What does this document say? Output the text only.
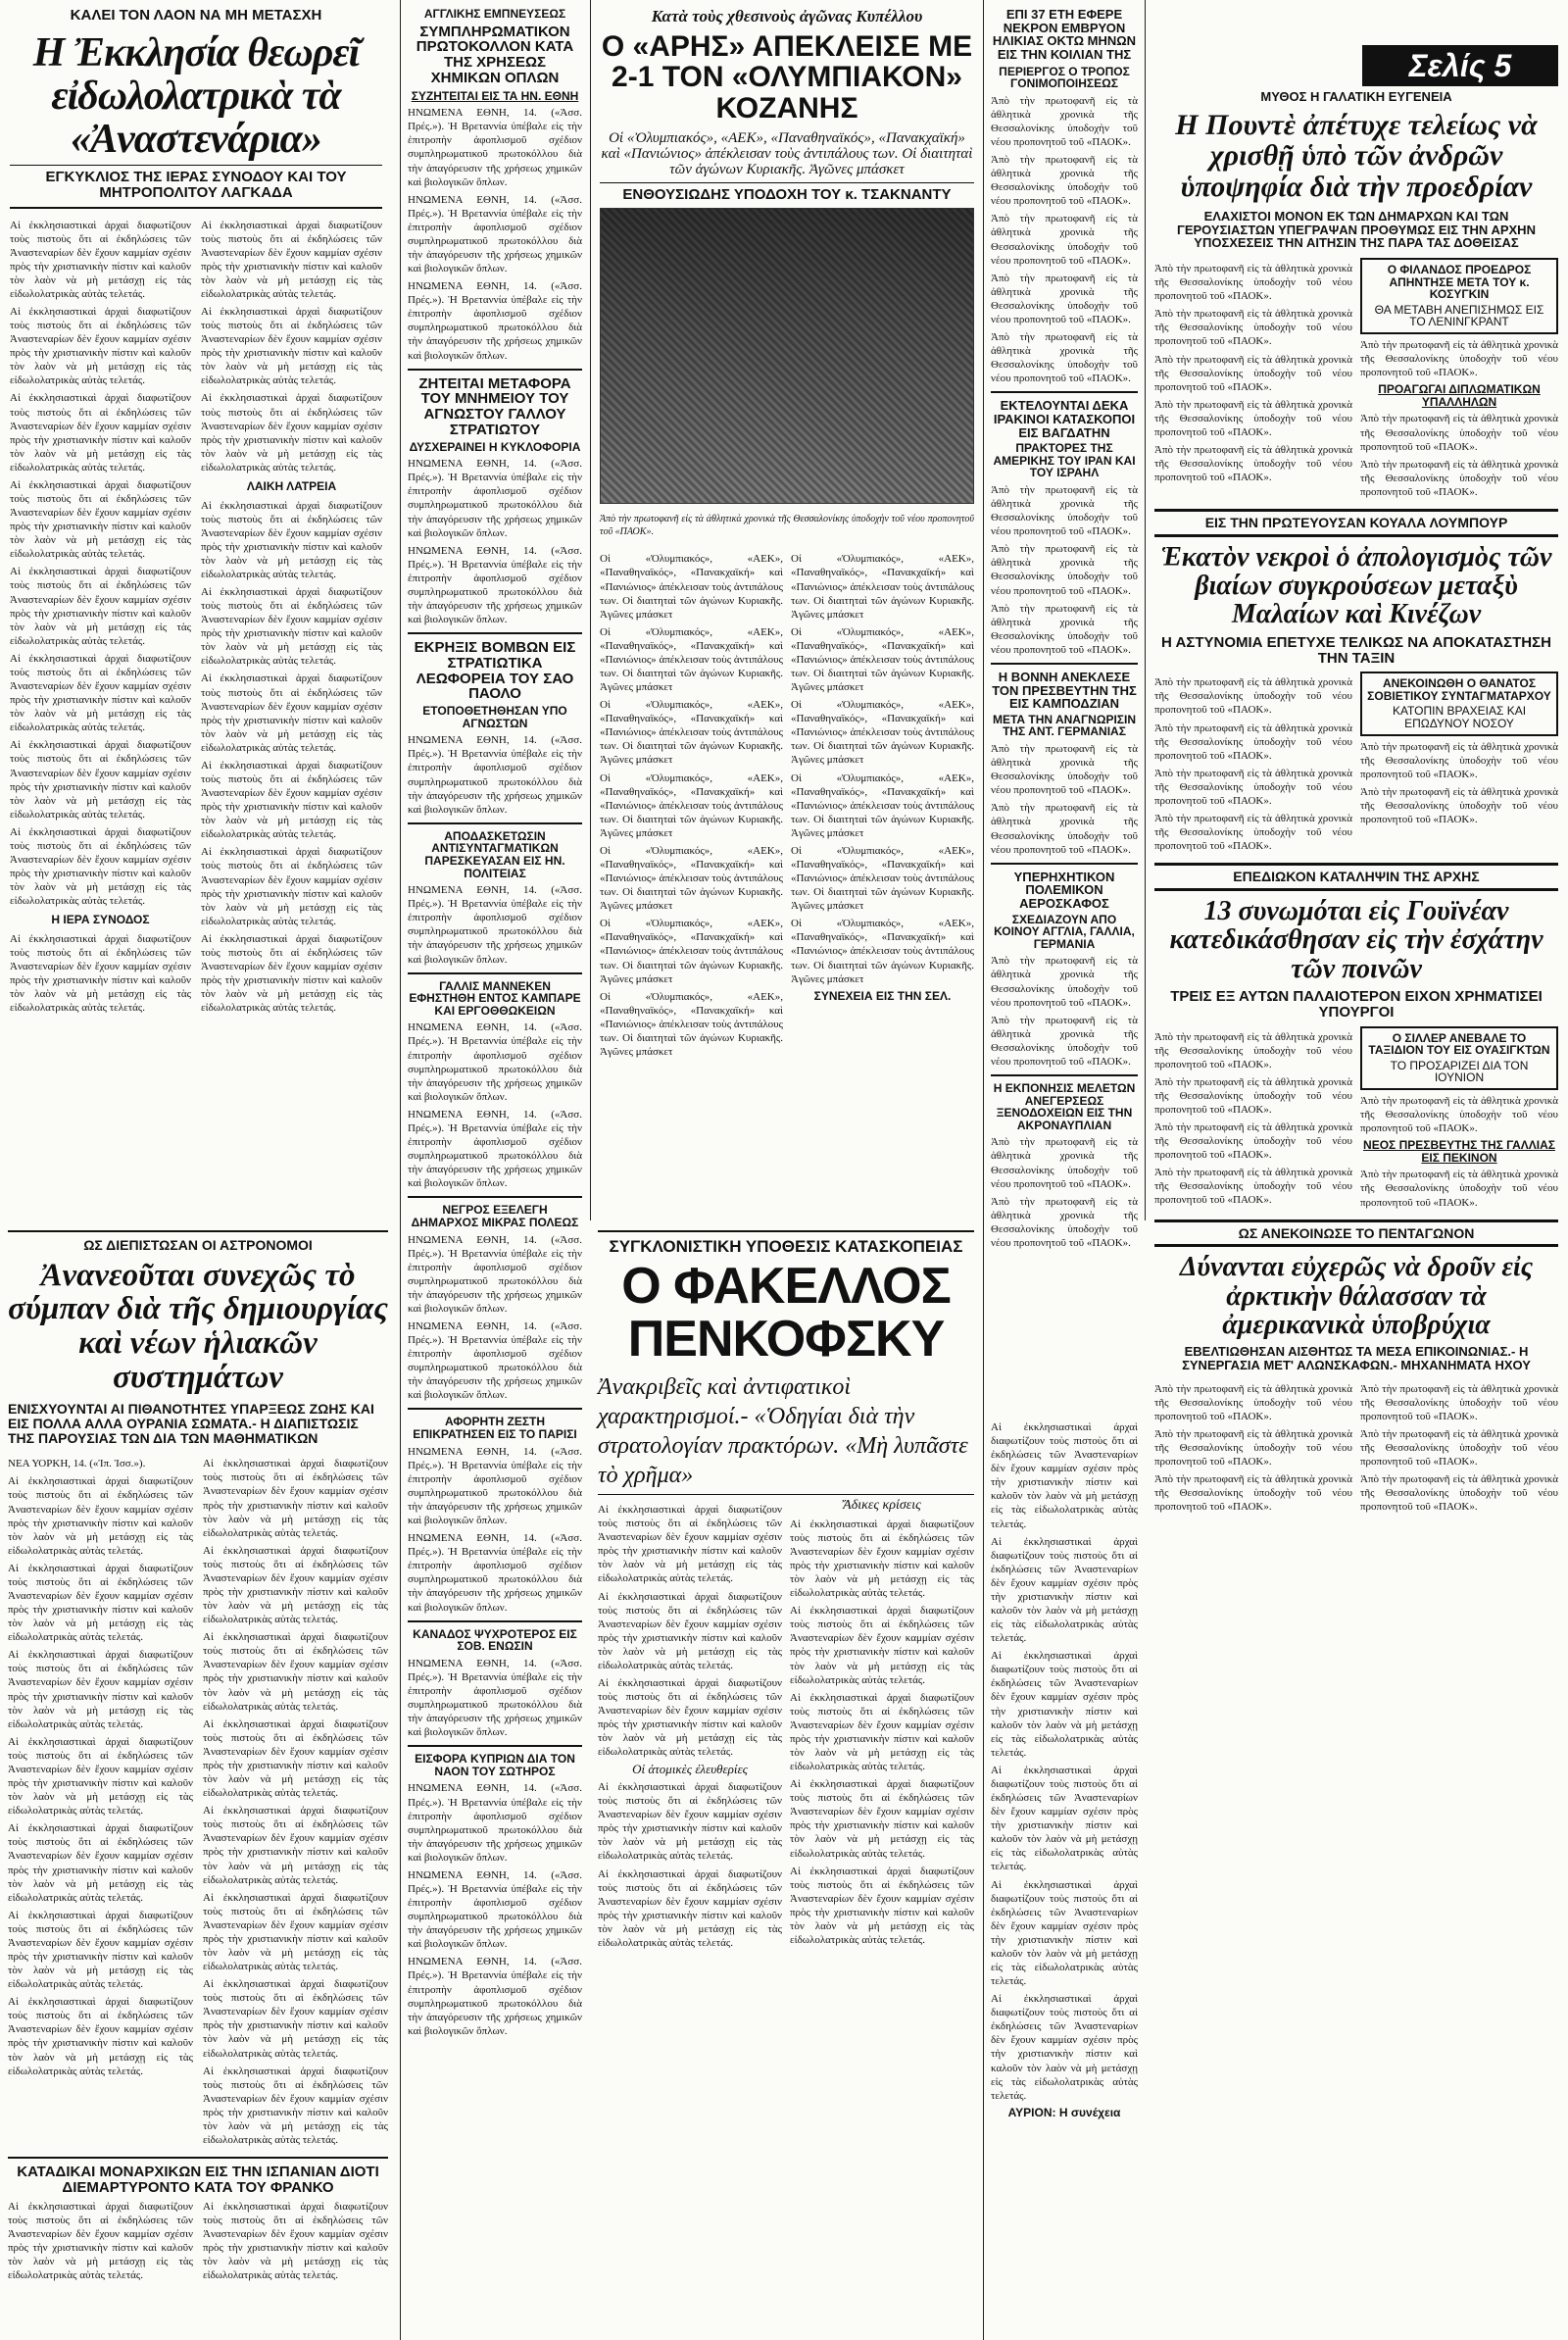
Σελίς 5
ΚΑΛΕΙ ΤΟΝ ΛΑΟΝ ΝΑ ΜΗ ΜΕΤΑΣΧΗ
Η Ἐκκλησία θεωρεῖ εἰδωλολατρικὰ τὰ «Ἀναστενάρια»
ΕΓΚΥΚΛΙΟΣ ΤΗΣ ΙΕΡΑΣ ΣΥΝΟΔΟΥ ΚΑΙ ΤΟΥ ΜΗΤΡΟΠΟΛΙΤΟΥ ΛΑΓΚΑΔΑ

Αἱ ἐκκλησιαστικαὶ ἀρχαὶ διαφωτίζουν τοὺς πιστοὺς ὅτι αἱ ἐκδηλώσεις τῶν Ἀναστεναρίων δὲν ἔχουν καμμίαν σχέσιν πρὸς τὴν χριστιανικὴν πίστιν καὶ καλοῦν τὸν λαὸν νὰ μὴ μετάσχῃ εἰς τὰς εἰδωλολατρικὰς αὐτὰς τελετάς.

Αἱ ἐκκλησιαστικαὶ ἀρχαὶ διαφωτίζουν τοὺς πιστοὺς ὅτι αἱ ἐκδηλώσεις τῶν Ἀναστεναρίων δὲν ἔχουν καμμίαν σχέσιν πρὸς τὴν χριστιανικὴν πίστιν καὶ καλοῦν τὸν λαὸν νὰ μὴ μετάσχῃ εἰς τὰς εἰδωλολατρικὰς αὐτὰς τελετάς.

Αἱ ἐκκλησιαστικαὶ ἀρχαὶ διαφωτίζουν τοὺς πιστοὺς ὅτι αἱ ἐκδηλώσεις τῶν Ἀναστεναρίων δὲν ἔχουν καμμίαν σχέσιν πρὸς τὴν χριστιανικὴν πίστιν καὶ καλοῦν τὸν λαὸν νὰ μὴ μετάσχῃ εἰς τὰς εἰδωλολατρικὰς αὐτὰς τελετάς.

Αἱ ἐκκλησιαστικαὶ ἀρχαὶ διαφωτίζουν τοὺς πιστοὺς ὅτι αἱ ἐκδηλώσεις τῶν Ἀναστεναρίων δὲν ἔχουν καμμίαν σχέσιν πρὸς τὴν χριστιανικὴν πίστιν καὶ καλοῦν τὸν λαὸν νὰ μὴ μετάσχῃ εἰς τὰς εἰδωλολατρικὰς αὐτὰς τελετάς.

Αἱ ἐκκλησιαστικαὶ ἀρχαὶ διαφωτίζουν τοὺς πιστοὺς ὅτι αἱ ἐκδηλώσεις τῶν Ἀναστεναρίων δὲν ἔχουν καμμίαν σχέσιν πρὸς τὴν χριστιανικὴν πίστιν καὶ καλοῦν τὸν λαὸν νὰ μὴ μετάσχῃ εἰς τὰς εἰδωλολατρικὰς αὐτὰς τελετάς.

Αἱ ἐκκλησιαστικαὶ ἀρχαὶ διαφωτίζουν τοὺς πιστοὺς ὅτι αἱ ἐκδηλώσεις τῶν Ἀναστεναρίων δὲν ἔχουν καμμίαν σχέσιν πρὸς τὴν χριστιανικὴν πίστιν καὶ καλοῦν τὸν λαὸν νὰ μὴ μετάσχῃ εἰς τὰς εἰδωλολατρικὰς αὐτὰς τελετάς.

Αἱ ἐκκλησιαστικαὶ ἀρχαὶ διαφωτίζουν τοὺς πιστοὺς ὅτι αἱ ἐκδηλώσεις τῶν Ἀναστεναρίων δὲν ἔχουν καμμίαν σχέσιν πρὸς τὴν χριστιανικὴν πίστιν καὶ καλοῦν τὸν λαὸν νὰ μὴ μετάσχῃ εἰς τὰς εἰδωλολατρικὰς αὐτὰς τελετάς.

Αἱ ἐκκλησιαστικαὶ ἀρχαὶ διαφωτίζουν τοὺς πιστοὺς ὅτι αἱ ἐκδηλώσεις τῶν Ἀναστεναρίων δὲν ἔχουν καμμίαν σχέσιν πρὸς τὴν χριστιανικὴν πίστιν καὶ καλοῦν τὸν λαὸν νὰ μὴ μετάσχῃ εἰς τὰς εἰδωλολατρικὰς αὐτὰς τελετάς.

Η ΙΕΡΑ ΣΥΝΟΔΟΣ

Αἱ ἐκκλησιαστικαὶ ἀρχαὶ διαφωτίζουν τοὺς πιστοὺς ὅτι αἱ ἐκδηλώσεις τῶν Ἀναστεναρίων δὲν ἔχουν καμμίαν σχέσιν πρὸς τὴν χριστιανικὴν πίστιν καὶ καλοῦν τὸν λαὸν νὰ μὴ μετάσχῃ εἰς τὰς εἰδωλολατρικὰς αὐτὰς τελετάς.

Αἱ ἐκκλησιαστικαὶ ἀρχαὶ διαφωτίζουν τοὺς πιστοὺς ὅτι αἱ ἐκδηλώσεις τῶν Ἀναστεναρίων δὲν ἔχουν καμμίαν σχέσιν πρὸς τὴν χριστιανικὴν πίστιν καὶ καλοῦν τὸν λαὸν νὰ μὴ μετάσχῃ εἰς τὰς εἰδωλολατρικὰς αὐτὰς τελετάς.

Αἱ ἐκκλησιαστικαὶ ἀρχαὶ διαφωτίζουν τοὺς πιστοὺς ὅτι αἱ ἐκδηλώσεις τῶν Ἀναστεναρίων δὲν ἔχουν καμμίαν σχέσιν πρὸς τὴν χριστιανικὴν πίστιν καὶ καλοῦν τὸν λαὸν νὰ μὴ μετάσχῃ εἰς τὰς εἰδωλολατρικὰς αὐτὰς τελετάς.

Αἱ ἐκκλησιαστικαὶ ἀρχαὶ διαφωτίζουν τοὺς πιστοὺς ὅτι αἱ ἐκδηλώσεις τῶν Ἀναστεναρίων δὲν ἔχουν καμμίαν σχέσιν πρὸς τὴν χριστιανικὴν πίστιν καὶ καλοῦν τὸν λαὸν νὰ μὴ μετάσχῃ εἰς τὰς εἰδωλολατρικὰς αὐτὰς τελετάς.

ΛΑΙΚΗ ΛΑΤΡΕΙΑ

Αἱ ἐκκλησιαστικαὶ ἀρχαὶ διαφωτίζουν τοὺς πιστοὺς ὅτι αἱ ἐκδηλώσεις τῶν Ἀναστεναρίων δὲν ἔχουν καμμίαν σχέσιν πρὸς τὴν χριστιανικὴν πίστιν καὶ καλοῦν τὸν λαὸν νὰ μὴ μετάσχῃ εἰς τὰς εἰδωλολατρικὰς αὐτὰς τελετάς.

Αἱ ἐκκλησιαστικαὶ ἀρχαὶ διαφωτίζουν τοὺς πιστοὺς ὅτι αἱ ἐκδηλώσεις τῶν Ἀναστεναρίων δὲν ἔχουν καμμίαν σχέσιν πρὸς τὴν χριστιανικὴν πίστιν καὶ καλοῦν τὸν λαὸν νὰ μὴ μετάσχῃ εἰς τὰς εἰδωλολατρικὰς αὐτὰς τελετάς.

Αἱ ἐκκλησιαστικαὶ ἀρχαὶ διαφωτίζουν τοὺς πιστοὺς ὅτι αἱ ἐκδηλώσεις τῶν Ἀναστεναρίων δὲν ἔχουν καμμίαν σχέσιν πρὸς τὴν χριστιανικὴν πίστιν καὶ καλοῦν τὸν λαὸν νὰ μὴ μετάσχῃ εἰς τὰς εἰδωλολατρικὰς αὐτὰς τελετάς.

Αἱ ἐκκλησιαστικαὶ ἀρχαὶ διαφωτίζουν τοὺς πιστοὺς ὅτι αἱ ἐκδηλώσεις τῶν Ἀναστεναρίων δὲν ἔχουν καμμίαν σχέσιν πρὸς τὴν χριστιανικὴν πίστιν καὶ καλοῦν τὸν λαὸν νὰ μὴ μετάσχῃ εἰς τὰς εἰδωλολατρικὰς αὐτὰς τελετάς.

Αἱ ἐκκλησιαστικαὶ ἀρχαὶ διαφωτίζουν τοὺς πιστοὺς ὅτι αἱ ἐκδηλώσεις τῶν Ἀναστεναρίων δὲν ἔχουν καμμίαν σχέσιν πρὸς τὴν χριστιανικὴν πίστιν καὶ καλοῦν τὸν λαὸν νὰ μὴ μετάσχῃ εἰς τὰς εἰδωλολατρικὰς αὐτὰς τελετάς.

Αἱ ἐκκλησιαστικαὶ ἀρχαὶ διαφωτίζουν τοὺς πιστοὺς ὅτι αἱ ἐκδηλώσεις τῶν Ἀναστεναρίων δὲν ἔχουν καμμίαν σχέσιν πρὸς τὴν χριστιανικὴν πίστιν καὶ καλοῦν τὸν λαὸν νὰ μὴ μετάσχῃ εἰς τὰς εἰδωλολατρικὰς αὐτὰς τελετάς.

ΑΓΓΛΙΚΗΣ ΕΜΠΝΕΥΣΕΩΣ
ΣΥΜΠΛΗΡΩΜΑΤΙΚΟΝ ΠΡΩΤΟΚΟΛΛΟΝ ΚΑΤΑ ΤΗΣ ΧΡΗΣΕΩΣ ΧΗΜΙΚΩΝ ΟΠΛΩΝ
ΣΥΖΗΤΕΙΤΑΙ ΕΙΣ ΤΑ ΗΝ. ΕΘΝΗ

ΗΝΩΜΕΝΑ ΕΘΝΗ, 14. («Ἀσσ. Πρές.»). Ἡ Βρεταννία ὑπέβαλε εἰς τὴν ἐπιτροπὴν ἀφοπλισμοῦ σχέδιον συμπληρωματικοῦ πρωτοκόλλου διὰ τὴν ἀπαγόρευσιν τῆς χρήσεως χημικῶν καὶ βιολογικῶν ὅπλων.

ΗΝΩΜΕΝΑ ΕΘΝΗ, 14. («Ἀσσ. Πρές.»). Ἡ Βρεταννία ὑπέβαλε εἰς τὴν ἐπιτροπὴν ἀφοπλισμοῦ σχέδιον συμπληρωματικοῦ πρωτοκόλλου διὰ τὴν ἀπαγόρευσιν τῆς χρήσεως χημικῶν καὶ βιολογικῶν ὅπλων.

ΗΝΩΜΕΝΑ ΕΘΝΗ, 14. («Ἀσσ. Πρές.»). Ἡ Βρεταννία ὑπέβαλε εἰς τὴν ἐπιτροπὴν ἀφοπλισμοῦ σχέδιον συμπληρωματικοῦ πρωτοκόλλου διὰ τὴν ἀπαγόρευσιν τῆς χρήσεως χημικῶν καὶ βιολογικῶν ὅπλων.

ΖΗΤΕΙΤΑΙ ΜΕΤΑΦΟΡΑ ΤΟΥ ΜΝΗΜΕΙΟΥ ΤΟΥ ΑΓΝΩΣΤΟΥ ΓΑΛΛΟΥ ΣΤΡΑΤΙΩΤΟΥ
ΔΥΣΧΕΡΑΙΝΕΙ Η ΚΥΚΛΟΦΟΡΙΑ

ΗΝΩΜΕΝΑ ΕΘΝΗ, 14. («Ἀσσ. Πρές.»). Ἡ Βρεταννία ὑπέβαλε εἰς τὴν ἐπιτροπὴν ἀφοπλισμοῦ σχέδιον συμπληρωματικοῦ πρωτοκόλλου διὰ τὴν ἀπαγόρευσιν τῆς χρήσεως χημικῶν καὶ βιολογικῶν ὅπλων.

ΗΝΩΜΕΝΑ ΕΘΝΗ, 14. («Ἀσσ. Πρές.»). Ἡ Βρεταννία ὑπέβαλε εἰς τὴν ἐπιτροπὴν ἀφοπλισμοῦ σχέδιον συμπληρωματικοῦ πρωτοκόλλου διὰ τὴν ἀπαγόρευσιν τῆς χρήσεως χημικῶν καὶ βιολογικῶν ὅπλων.

ΕΚΡΗΞΙΣ ΒΟΜΒΩΝ ΕΙΣ ΣΤΡΑΤΙΩΤΙΚΑ ΛΕΩΦΟΡΕΙΑ ΤΟΥ ΣΑΟ ΠΑΟΛΟ
ΕΤΟΠΟΘΕΤΗΘΗΣΑΝ ΥΠΟ ΑΓΝΩΣΤΩΝ

ΗΝΩΜΕΝΑ ΕΘΝΗ, 14. («Ἀσσ. Πρές.»). Ἡ Βρεταννία ὑπέβαλε εἰς τὴν ἐπιτροπὴν ἀφοπλισμοῦ σχέδιον συμπληρωματικοῦ πρωτοκόλλου διὰ τὴν ἀπαγόρευσιν τῆς χρήσεως χημικῶν καὶ βιολογικῶν ὅπλων.

ΑΠΟΔΑΣΚΕΤΩΣΙΝ ΑΝΤΙΣΥΝΤΑΓΜΑΤΙΚΩΝ ΠΑΡΕΣΚΕΥΑΣΑΝ ΕΙΣ ΗΝ. ΠΟΛΙΤΕΙΑΣ

ΗΝΩΜΕΝΑ ΕΘΝΗ, 14. («Ἀσσ. Πρές.»). Ἡ Βρεταννία ὑπέβαλε εἰς τὴν ἐπιτροπὴν ἀφοπλισμοῦ σχέδιον συμπληρωματικοῦ πρωτοκόλλου διὰ τὴν ἀπαγόρευσιν τῆς χρήσεως χημικῶν καὶ βιολογικῶν ὅπλων.

ΓΑΛΛΙΣ ΜΑΝΝΕΚΕΝ ΕΦΗΣΤΗΘΗ ΕΝΤΟΣ ΚΑΜΠΑΡΕ ΚΑΙ ΕΡΓΟΘΘΩΚΕΙΩΝ

ΗΝΩΜΕΝΑ ΕΘΝΗ, 14. («Ἀσσ. Πρές.»). Ἡ Βρεταννία ὑπέβαλε εἰς τὴν ἐπιτροπὴν ἀφοπλισμοῦ σχέδιον συμπληρωματικοῦ πρωτοκόλλου διὰ τὴν ἀπαγόρευσιν τῆς χρήσεως χημικῶν καὶ βιολογικῶν ὅπλων.

ΗΝΩΜΕΝΑ ΕΘΝΗ, 14. («Ἀσσ. Πρές.»). Ἡ Βρεταννία ὑπέβαλε εἰς τὴν ἐπιτροπὴν ἀφοπλισμοῦ σχέδιον συμπληρωματικοῦ πρωτοκόλλου διὰ τὴν ἀπαγόρευσιν τῆς χρήσεως χημικῶν καὶ βιολογικῶν ὅπλων.

ΝΕΓΡΟΣ ΕΞΕΛΕΓΗ ΔΗΜΑΡΧΟΣ ΜΙΚΡΑΣ ΠΟΛΕΩΣ

ΗΝΩΜΕΝΑ ΕΘΝΗ, 14. («Ἀσσ. Πρές.»). Ἡ Βρεταννία ὑπέβαλε εἰς τὴν ἐπιτροπὴν ἀφοπλισμοῦ σχέδιον συμπληρωματικοῦ πρωτοκόλλου διὰ τὴν ἀπαγόρευσιν τῆς χρήσεως χημικῶν καὶ βιολογικῶν ὅπλων.

ΗΝΩΜΕΝΑ ΕΘΝΗ, 14. («Ἀσσ. Πρές.»). Ἡ Βρεταννία ὑπέβαλε εἰς τὴν ἐπιτροπὴν ἀφοπλισμοῦ σχέδιον συμπληρωματικοῦ πρωτοκόλλου διὰ τὴν ἀπαγόρευσιν τῆς χρήσεως χημικῶν καὶ βιολογικῶν ὅπλων.

ΑΦΟΡΗΤΗ ΖΕΣΤΗ ΕΠΙΚΡΑΤΗΣΕΝ ΕΙΣ ΤΟ ΠΑΡΙΣΙ

ΗΝΩΜΕΝΑ ΕΘΝΗ, 14. («Ἀσσ. Πρές.»). Ἡ Βρεταννία ὑπέβαλε εἰς τὴν ἐπιτροπὴν ἀφοπλισμοῦ σχέδιον συμπληρωματικοῦ πρωτοκόλλου διὰ τὴν ἀπαγόρευσιν τῆς χρήσεως χημικῶν καὶ βιολογικῶν ὅπλων.

ΗΝΩΜΕΝΑ ΕΘΝΗ, 14. («Ἀσσ. Πρές.»). Ἡ Βρεταννία ὑπέβαλε εἰς τὴν ἐπιτροπὴν ἀφοπλισμοῦ σχέδιον συμπληρωματικοῦ πρωτοκόλλου διὰ τὴν ἀπαγόρευσιν τῆς χρήσεως χημικῶν καὶ βιολογικῶν ὅπλων.

ΚΑΝΑΔΟΣ ΨΥΧΡΟΤΕΡΟΣ ΕΙΣ ΣΟΒ. ΕΝΩΣΙΝ

ΗΝΩΜΕΝΑ ΕΘΝΗ, 14. («Ἀσσ. Πρές.»). Ἡ Βρεταννία ὑπέβαλε εἰς τὴν ἐπιτροπὴν ἀφοπλισμοῦ σχέδιον συμπληρωματικοῦ πρωτοκόλλου διὰ τὴν ἀπαγόρευσιν τῆς χρήσεως χημικῶν καὶ βιολογικῶν ὅπλων.

ΕΙΣΦΟΡΑ ΚΥΠΡΙΩΝ ΔΙΑ ΤΟΝ ΝΑΟΝ ΤΟΥ ΣΩΤΗΡΟΣ

ΗΝΩΜΕΝΑ ΕΘΝΗ, 14. («Ἀσσ. Πρές.»). Ἡ Βρεταννία ὑπέβαλε εἰς τὴν ἐπιτροπὴν ἀφοπλισμοῦ σχέδιον συμπληρωματικοῦ πρωτοκόλλου διὰ τὴν ἀπαγόρευσιν τῆς χρήσεως χημικῶν καὶ βιολογικῶν ὅπλων.

ΗΝΩΜΕΝΑ ΕΘΝΗ, 14. («Ἀσσ. Πρές.»). Ἡ Βρεταννία ὑπέβαλε εἰς τὴν ἐπιτροπὴν ἀφοπλισμοῦ σχέδιον συμπληρωματικοῦ πρωτοκόλλου διὰ τὴν ἀπαγόρευσιν τῆς χρήσεως χημικῶν καὶ βιολογικῶν ὅπλων.

ΗΝΩΜΕΝΑ ΕΘΝΗ, 14. («Ἀσσ. Πρές.»). Ἡ Βρεταννία ὑπέβαλε εἰς τὴν ἐπιτροπὴν ἀφοπλισμοῦ σχέδιον συμπληρωματικοῦ πρωτοκόλλου διὰ τὴν ἀπαγόρευσιν τῆς χρήσεως χημικῶν καὶ βιολογικῶν ὅπλων.

Κατὰ τοὺς χθεσινοὺς ἀγῶνας Κυπέλλου
Ο «ΑΡΗΣ» ΑΠΕΚΛΕΙΣΕ ΜΕ 2-1 ΤΟΝ «ΟΛΥΜΠΙΑΚΟΝ» ΚΟΖΑΝΗΣ
Οἱ «Ὀλυμπιακός», «ΑΕΚ», «Παναθηναϊκός», «Πανακχαϊκή» καὶ «Πανιώνιος» ἀπέκλεισαν τοὺς ἀντιπάλους των. Οἱ διαιτηταὶ τῶν ἀγώνων Κυριακῆς. Ἀγῶνες μπάσκετ
ΕΝΘΟΥΣΙΩΔΗΣ ΥΠΟΔΟΧΗ ΤΟΥ κ. ΤΣΑΚΝΑΝΤΥ

Ἀπὸ τὴν πρωτοφανῆ εἰς τὰ ἀθλητικὰ χρονικὰ τῆς Θεσσαλονίκης ὑποδοχὴν τοῦ νέου προπονητοῦ τοῦ «ΠΑΟΚ».

Οἱ «Ὀλυμπιακός», «ΑΕΚ», «Παναθηναϊκός», «Πανακχαϊκή» καὶ «Πανιώνιος» ἀπέκλεισαν τοὺς ἀντιπάλους των. Οἱ διαιτηταὶ τῶν ἀγώνων Κυριακῆς. Ἀγῶνες μπάσκετ

Οἱ «Ὀλυμπιακός», «ΑΕΚ», «Παναθηναϊκός», «Πανακχαϊκή» καὶ «Πανιώνιος» ἀπέκλεισαν τοὺς ἀντιπάλους των. Οἱ διαιτηταὶ τῶν ἀγώνων Κυριακῆς. Ἀγῶνες μπάσκετ

Οἱ «Ὀλυμπιακός», «ΑΕΚ», «Παναθηναϊκός», «Πανακχαϊκή» καὶ «Πανιώνιος» ἀπέκλεισαν τοὺς ἀντιπάλους των. Οἱ διαιτηταὶ τῶν ἀγώνων Κυριακῆς. Ἀγῶνες μπάσκετ

Οἱ «Ὀλυμπιακός», «ΑΕΚ», «Παναθηναϊκός», «Πανακχαϊκή» καὶ «Πανιώνιος» ἀπέκλεισαν τοὺς ἀντιπάλους των. Οἱ διαιτηταὶ τῶν ἀγώνων Κυριακῆς. Ἀγῶνες μπάσκετ

Οἱ «Ὀλυμπιακός», «ΑΕΚ», «Παναθηναϊκός», «Πανακχαϊκή» καὶ «Πανιώνιος» ἀπέκλεισαν τοὺς ἀντιπάλους των. Οἱ διαιτηταὶ τῶν ἀγώνων Κυριακῆς. Ἀγῶνες μπάσκετ

Οἱ «Ὀλυμπιακός», «ΑΕΚ», «Παναθηναϊκός», «Πανακχαϊκή» καὶ «Πανιώνιος» ἀπέκλεισαν τοὺς ἀντιπάλους των. Οἱ διαιτηταὶ τῶν ἀγώνων Κυριακῆς. Ἀγῶνες μπάσκετ

Οἱ «Ὀλυμπιακός», «ΑΕΚ», «Παναθηναϊκός», «Πανακχαϊκή» καὶ «Πανιώνιος» ἀπέκλεισαν τοὺς ἀντιπάλους των. Οἱ διαιτηταὶ τῶν ἀγώνων Κυριακῆς. Ἀγῶνες μπάσκετ

Οἱ «Ὀλυμπιακός», «ΑΕΚ», «Παναθηναϊκός», «Πανακχαϊκή» καὶ «Πανιώνιος» ἀπέκλεισαν τοὺς ἀντιπάλους των. Οἱ διαιτηταὶ τῶν ἀγώνων Κυριακῆς. Ἀγῶνες μπάσκετ

Οἱ «Ὀλυμπιακός», «ΑΕΚ», «Παναθηναϊκός», «Πανακχαϊκή» καὶ «Πανιώνιος» ἀπέκλεισαν τοὺς ἀντιπάλους των. Οἱ διαιτηταὶ τῶν ἀγώνων Κυριακῆς. Ἀγῶνες μπάσκετ

Οἱ «Ὀλυμπιακός», «ΑΕΚ», «Παναθηναϊκός», «Πανακχαϊκή» καὶ «Πανιώνιος» ἀπέκλεισαν τοὺς ἀντιπάλους των. Οἱ διαιτηταὶ τῶν ἀγώνων Κυριακῆς. Ἀγῶνες μπάσκετ

Οἱ «Ὀλυμπιακός», «ΑΕΚ», «Παναθηναϊκός», «Πανακχαϊκή» καὶ «Πανιώνιος» ἀπέκλεισαν τοὺς ἀντιπάλους των. Οἱ διαιτηταὶ τῶν ἀγώνων Κυριακῆς. Ἀγῶνες μπάσκετ

Οἱ «Ὀλυμπιακός», «ΑΕΚ», «Παναθηναϊκός», «Πανακχαϊκή» καὶ «Πανιώνιος» ἀπέκλεισαν τοὺς ἀντιπάλους των. Οἱ διαιτηταὶ τῶν ἀγώνων Κυριακῆς. Ἀγῶνες μπάσκετ

Οἱ «Ὀλυμπιακός», «ΑΕΚ», «Παναθηναϊκός», «Πανακχαϊκή» καὶ «Πανιώνιος» ἀπέκλεισαν τοὺς ἀντιπάλους των. Οἱ διαιτηταὶ τῶν ἀγώνων Κυριακῆς. Ἀγῶνες μπάσκετ

ΣΥΝΕΧΕΙΑ ΕΙΣ ΤΗΝ ΣΕΛ.
ΕΠΙ 37 ΕΤΗ ΕΦΕΡΕ ΝΕΚΡΟΝ ΕΜΒΡΥΟΝ ΗΛΙΚΙΑΣ ΟΚΤΩ ΜΗΝΩΝ ΕΙΣ ΤΗΝ ΚΟΙΛΙΑΝ ΤΗΣ
ΠΕΡΙΕΡΓΟΣ Ο ΤΡΟΠΟΣ ΓΟΝΙΜΟΠΟΙΗΣΕΩΣ

Ἀπὸ τὴν πρωτοφανῆ εἰς τὰ ἀθλητικὰ χρονικὰ τῆς Θεσσαλονίκης ὑποδοχὴν τοῦ νέου προπονητοῦ τοῦ «ΠΑΟΚ».

Ἀπὸ τὴν πρωτοφανῆ εἰς τὰ ἀθλητικὰ χρονικὰ τῆς Θεσσαλονίκης ὑποδοχὴν τοῦ νέου προπονητοῦ τοῦ «ΠΑΟΚ».

Ἀπὸ τὴν πρωτοφανῆ εἰς τὰ ἀθλητικὰ χρονικὰ τῆς Θεσσαλονίκης ὑποδοχὴν τοῦ νέου προπονητοῦ τοῦ «ΠΑΟΚ».

Ἀπὸ τὴν πρωτοφανῆ εἰς τὰ ἀθλητικὰ χρονικὰ τῆς Θεσσαλονίκης ὑποδοχὴν τοῦ νέου προπονητοῦ τοῦ «ΠΑΟΚ».

Ἀπὸ τὴν πρωτοφανῆ εἰς τὰ ἀθλητικὰ χρονικὰ τῆς Θεσσαλονίκης ὑποδοχὴν τοῦ νέου προπονητοῦ τοῦ «ΠΑΟΚ».

ΕΚΤΕΛΟΥΝΤΑΙ ΔΕΚΑ ΙΡΑΚΙΝΟΙ ΚΑΤΑΣΚΟΠΟΙ ΕΙΣ ΒΑΓΔΑΤΗΝ
ΠΡΑΚΤΟΡΕΣ ΤΗΣ ΑΜΕΡΙΚΗΣ ΤΟΥ ΙΡΑΝ ΚΑΙ ΤΟΥ ΙΣΡΑΗΛ

Ἀπὸ τὴν πρωτοφανῆ εἰς τὰ ἀθλητικὰ χρονικὰ τῆς Θεσσαλονίκης ὑποδοχὴν τοῦ νέου προπονητοῦ τοῦ «ΠΑΟΚ».

Ἀπὸ τὴν πρωτοφανῆ εἰς τὰ ἀθλητικὰ χρονικὰ τῆς Θεσσαλονίκης ὑποδοχὴν τοῦ νέου προπονητοῦ τοῦ «ΠΑΟΚ».

Ἀπὸ τὴν πρωτοφανῆ εἰς τὰ ἀθλητικὰ χρονικὰ τῆς Θεσσαλονίκης ὑποδοχὴν τοῦ νέου προπονητοῦ τοῦ «ΠΑΟΚ».

Η ΒΟΝΝΗ ΑΝΕΚΛΕΣΕ ΤΟΝ ΠΡΕΣΒΕΥΤΗΝ ΤΗΣ ΕΙΣ ΚΑΜΠΟΔΖΙΑΝ
ΜΕΤΑ ΤΗΝ ΑΝΑΓΝΩΡΙΣΙΝ ΤΗΣ ΑΝΤ. ΓΕΡΜΑΝΙΑΣ

Ἀπὸ τὴν πρωτοφανῆ εἰς τὰ ἀθλητικὰ χρονικὰ τῆς Θεσσαλονίκης ὑποδοχὴν τοῦ νέου προπονητοῦ τοῦ «ΠΑΟΚ».

Ἀπὸ τὴν πρωτοφανῆ εἰς τὰ ἀθλητικὰ χρονικὰ τῆς Θεσσαλονίκης ὑποδοχὴν τοῦ νέου προπονητοῦ τοῦ «ΠΑΟΚ».

ΥΠΕΡΗΧΗΤΙΚΟΝ ΠΟΛΕΜΙΚΟΝ ΑΕΡΟΣΚΑΦΟΣ
ΣΧΕΔΙΑΖΟΥΝ ΑΠΟ ΚΟΙΝΟΥ ΑΓΓΛΙΑ, ΓΑΛΛΙΑ, ΓΕΡΜΑΝΙΑ

Ἀπὸ τὴν πρωτοφανῆ εἰς τὰ ἀθλητικὰ χρονικὰ τῆς Θεσσαλονίκης ὑποδοχὴν τοῦ νέου προπονητοῦ τοῦ «ΠΑΟΚ».

Ἀπὸ τὴν πρωτοφανῆ εἰς τὰ ἀθλητικὰ χρονικὰ τῆς Θεσσαλονίκης ὑποδοχὴν τοῦ νέου προπονητοῦ τοῦ «ΠΑΟΚ».

Η ΕΚΠΟΝΗΣΙΣ ΜΕΛΕΤΩΝ ΑΝΕΓΕΡΣΕΩΣ ΞΕΝΟΔΟΧΕΙΩΝ ΕΙΣ ΤΗΝ ΑΚΡΟΝΑΥΠΛΙΑΝ

Ἀπὸ τὴν πρωτοφανῆ εἰς τὰ ἀθλητικὰ χρονικὰ τῆς Θεσσαλονίκης ὑποδοχὴν τοῦ νέου προπονητοῦ τοῦ «ΠΑΟΚ».

Ἀπὸ τὴν πρωτοφανῆ εἰς τὰ ἀθλητικὰ χρονικὰ τῆς Θεσσαλονίκης ὑποδοχὴν τοῦ νέου προπονητοῦ τοῦ «ΠΑΟΚ».

ΜΥΘΟΣ Η ΓΑΛΑΤΙΚΗ ΕΥΓΕΝΕΙΑ
Η Πουντὲ ἀπέτυχε τελείως νὰ χρισθῇ ὑπὸ τῶν ἀνδρῶν ὑποψηφία διὰ τὴν προεδρίαν
ΕΛΑΧΙΣΤΟΙ ΜΟΝΟΝ ΕΚ ΤΩΝ ΔΗΜΑΡΧΩΝ ΚΑΙ ΤΩΝ ΓΕΡΟΥΣΙΑΣΤΩΝ ΥΠΕΓΡΑΨΑΝ ΠΡΟΘΥΜΩΣ ΕΙΣ ΤΗΝ ΑΡΧΗΝ ΥΠΟΣΧΕΣΕΙΣ ΤΗΝ ΑΙΤΗΣΙΝ ΤΗΣ ΠΑΡΑ ΤΑΣ ΔΟΘΕΙΣΑΣ

Ἀπὸ τὴν πρωτοφανῆ εἰς τὰ ἀθλητικὰ χρονικὰ τῆς Θεσσαλονίκης ὑποδοχὴν τοῦ νέου προπονητοῦ τοῦ «ΠΑΟΚ».

Ἀπὸ τὴν πρωτοφανῆ εἰς τὰ ἀθλητικὰ χρονικὰ τῆς Θεσσαλονίκης ὑποδοχὴν τοῦ νέου προπονητοῦ τοῦ «ΠΑΟΚ».

Ἀπὸ τὴν πρωτοφανῆ εἰς τὰ ἀθλητικὰ χρονικὰ τῆς Θεσσαλονίκης ὑποδοχὴν τοῦ νέου προπονητοῦ τοῦ «ΠΑΟΚ».

Ἀπὸ τὴν πρωτοφανῆ εἰς τὰ ἀθλητικὰ χρονικὰ τῆς Θεσσαλονίκης ὑποδοχὴν τοῦ νέου προπονητοῦ τοῦ «ΠΑΟΚ».

Ἀπὸ τὴν πρωτοφανῆ εἰς τὰ ἀθλητικὰ χρονικὰ τῆς Θεσσαλονίκης ὑποδοχὴν τοῦ νέου προπονητοῦ τοῦ «ΠΑΟΚ».

Ο ΦΙΛΑΝΔΟΣ ΠΡΟΕΔΡΟΣ ΑΠΗΝΤΗΣΕ ΜΕΤΑ ΤΟΥ κ. ΚΟΣΥΓΚΙΝ
ΘΑ ΜΕΤΑΒΗ ΑΝΕΠΙΣΗΜΩΣ ΕΙΣ ΤΟ ΛΕΝΙΝΓΚΡΑΝΤ

Ἀπὸ τὴν πρωτοφανῆ εἰς τὰ ἀθλητικὰ χρονικὰ τῆς Θεσσαλονίκης ὑποδοχὴν τοῦ νέου προπονητοῦ τοῦ «ΠΑΟΚ».

ΠΡΟΑΓΩΓΑΙ ΔΙΠΛΩΜΑΤΙΚΩΝ ΥΠΑΛΛΗΛΩΝ

Ἀπὸ τὴν πρωτοφανῆ εἰς τὰ ἀθλητικὰ χρονικὰ τῆς Θεσσαλονίκης ὑποδοχὴν τοῦ νέου προπονητοῦ τοῦ «ΠΑΟΚ».

Ἀπὸ τὴν πρωτοφανῆ εἰς τὰ ἀθλητικὰ χρονικὰ τῆς Θεσσαλονίκης ὑποδοχὴν τοῦ νέου προπονητοῦ τοῦ «ΠΑΟΚ».

ΕΙΣ ΤΗΝ ΠΡΩΤΕΥΟΥΣΑΝ ΚΟΥΑΛΑ ΛΟΥΜΠΟΥΡ
Ἑκατὸν νεκροὶ ὁ ἀπολογισμὸς τῶν βιαίων συγκρούσεων μεταξὺ Μαλαίων καὶ Κινέζων
Η ΑΣΤΥΝΟΜΙΑ ΕΠΕΤΥΧΕ ΤΕΛΙΚΩΣ ΝΑ ΑΠΟΚΑΤΑΣΤΗΣΗ ΤΗΝ ΤΑΞΙΝ

Ἀπὸ τὴν πρωτοφανῆ εἰς τὰ ἀθλητικὰ χρονικὰ τῆς Θεσσαλονίκης ὑποδοχὴν τοῦ νέου προπονητοῦ τοῦ «ΠΑΟΚ».

Ἀπὸ τὴν πρωτοφανῆ εἰς τὰ ἀθλητικὰ χρονικὰ τῆς Θεσσαλονίκης ὑποδοχὴν τοῦ νέου προπονητοῦ τοῦ «ΠΑΟΚ».

Ἀπὸ τὴν πρωτοφανῆ εἰς τὰ ἀθλητικὰ χρονικὰ τῆς Θεσσαλονίκης ὑποδοχὴν τοῦ νέου προπονητοῦ τοῦ «ΠΑΟΚ».

Ἀπὸ τὴν πρωτοφανῆ εἰς τὰ ἀθλητικὰ χρονικὰ τῆς Θεσσαλονίκης ὑποδοχὴν τοῦ νέου προπονητοῦ τοῦ «ΠΑΟΚ».

ΑΝΕΚΟΙΝΩΘΗ Ο ΘΑΝΑΤΟΣ ΣΟΒΙΕΤΙΚΟΥ ΣΥΝΤΑΓΜΑΤΑΡΧΟΥ
ΚΑΤΟΠΙΝ ΒΡΑΧΕΙΑΣ ΚΑΙ ΕΠΩΔΥΝΟΥ ΝΟΣΟΥ

Ἀπὸ τὴν πρωτοφανῆ εἰς τὰ ἀθλητικὰ χρονικὰ τῆς Θεσσαλονίκης ὑποδοχὴν τοῦ νέου προπονητοῦ τοῦ «ΠΑΟΚ».

Ἀπὸ τὴν πρωτοφανῆ εἰς τὰ ἀθλητικὰ χρονικὰ τῆς Θεσσαλονίκης ὑποδοχὴν τοῦ νέου προπονητοῦ τοῦ «ΠΑΟΚ».

ΕΠΕΔΙΩΚΟΝ ΚΑΤΑΛΗΨΙΝ ΤΗΣ ΑΡΧΗΣ
13 συνωμόται εἰς Γουϊνέαν κατεδικάσθησαν εἰς τὴν ἐσχάτην τῶν ποινῶν
ΤΡΕΙΣ ΕΞ ΑΥΤΩΝ ΠΑΛΑΙΟΤΕΡΟΝ ΕΙΧΟΝ ΧΡΗΜΑΤΙΣΕΙ ΥΠΟΥΡΓΟΙ

Ἀπὸ τὴν πρωτοφανῆ εἰς τὰ ἀθλητικὰ χρονικὰ τῆς Θεσσαλονίκης ὑποδοχὴν τοῦ νέου προπονητοῦ τοῦ «ΠΑΟΚ».

Ἀπὸ τὴν πρωτοφανῆ εἰς τὰ ἀθλητικὰ χρονικὰ τῆς Θεσσαλονίκης ὑποδοχὴν τοῦ νέου προπονητοῦ τοῦ «ΠΑΟΚ».

Ἀπὸ τὴν πρωτοφανῆ εἰς τὰ ἀθλητικὰ χρονικὰ τῆς Θεσσαλονίκης ὑποδοχὴν τοῦ νέου προπονητοῦ τοῦ «ΠΑΟΚ».

Ἀπὸ τὴν πρωτοφανῆ εἰς τὰ ἀθλητικὰ χρονικὰ τῆς Θεσσαλονίκης ὑποδοχὴν τοῦ νέου προπονητοῦ τοῦ «ΠΑΟΚ».

Ο ΣΙΛΛΕΡ ΑΝΕΒΑΛΕ ΤΟ ΤΑΞΙΔΙΟΝ ΤΟΥ ΕΙΣ ΟΥΑΣΙΓΚΤΩΝ
ΤΟ ΠΡΟΣΑΡΙΖΕΙ ΔΙΑ ΤΟΝ ΙΟΥΝΙΟΝ

Ἀπὸ τὴν πρωτοφανῆ εἰς τὰ ἀθλητικὰ χρονικὰ τῆς Θεσσαλονίκης ὑποδοχὴν τοῦ νέου προπονητοῦ τοῦ «ΠΑΟΚ».

ΝΕΟΣ ΠΡΕΣΒΕΥΤΗΣ ΤΗΣ ΓΑΛΛΙΑΣ ΕΙΣ ΠΕΚΙΝΟΝ

Ἀπὸ τὴν πρωτοφανῆ εἰς τὰ ἀθλητικὰ χρονικὰ τῆς Θεσσαλονίκης ὑποδοχὴν τοῦ νέου προπονητοῦ τοῦ «ΠΑΟΚ».

ΩΣ ΑΝΕΚΟΙΝΩΣΕ ΤΟ ΠΕΝΤΑΓΩΝΟΝ
Δύνανται εὐχερῶς νὰ δροῦν εἰς ἀρκτικὴν θάλασσαν τὰ ἀμερικανικὰ ὑποβρύχια
ΕΒΕΛΤΙΩΘΗΣΑΝ ΑΙΣΘΗΤΩΣ ΤΑ ΜΕΣΑ ΕΠΙΚΟΙΝΩΝΙΑΣ.- Η ΣΥΝΕΡΓΑΣΙΑ ΜΕΤ' ΑΛΩΝΣΚΑΦΩΝ.- ΜΗΧΑΝΗΜΑΤΑ ΗΧΟΥ

Ἀπὸ τὴν πρωτοφανῆ εἰς τὰ ἀθλητικὰ χρονικὰ τῆς Θεσσαλονίκης ὑποδοχὴν τοῦ νέου προπονητοῦ τοῦ «ΠΑΟΚ».

Ἀπὸ τὴν πρωτοφανῆ εἰς τὰ ἀθλητικὰ χρονικὰ τῆς Θεσσαλονίκης ὑποδοχὴν τοῦ νέου προπονητοῦ τοῦ «ΠΑΟΚ».

Ἀπὸ τὴν πρωτοφανῆ εἰς τὰ ἀθλητικὰ χρονικὰ τῆς Θεσσαλονίκης ὑποδοχὴν τοῦ νέου προπονητοῦ τοῦ «ΠΑΟΚ».

Ἀπὸ τὴν πρωτοφανῆ εἰς τὰ ἀθλητικὰ χρονικὰ τῆς Θεσσαλονίκης ὑποδοχὴν τοῦ νέου προπονητοῦ τοῦ «ΠΑΟΚ».

Ἀπὸ τὴν πρωτοφανῆ εἰς τὰ ἀθλητικὰ χρονικὰ τῆς Θεσσαλονίκης ὑποδοχὴν τοῦ νέου προπονητοῦ τοῦ «ΠΑΟΚ».

Ἀπὸ τὴν πρωτοφανῆ εἰς τὰ ἀθλητικὰ χρονικὰ τῆς Θεσσαλονίκης ὑποδοχὴν τοῦ νέου προπονητοῦ τοῦ «ΠΑΟΚ».

ΩΣ ΔΙΕΠΙΣΤΩΣΑΝ ΟΙ ΑΣΤΡΟΝΟΜΟΙ
Ἀνανεοῦται συνεχῶς τὸ σύμπαν διὰ τῆς δημιουργίας καὶ νέων ἡλιακῶν συστημάτων
ΕΝΙΣΧΥΟΥΝΤΑΙ ΑΙ ΠΙΘΑΝΟΤΗΤΕΣ ΥΠΑΡΞΕΩΣ ΖΩΗΣ ΚΑΙ ΕΙΣ ΠΟΛΛΑ ΑΛΛΑ ΟΥΡΑΝΙΑ ΣΩΜΑΤΑ.- Η ΔΙΑΠΙΣΤΩΣΙΣ ΤΗΣ ΠΑΡΟΥΣΙΑΣ ΤΩΝ ΔΙΑ ΤΩΝ ΜΑΘΗΜΑΤΙΚΩΝ

ΝΕΑ ΥΟΡΚΗ, 14. («Ἰπ. Ἰσσ.»).

Αἱ ἐκκλησιαστικαὶ ἀρχαὶ διαφωτίζουν τοὺς πιστοὺς ὅτι αἱ ἐκδηλώσεις τῶν Ἀναστεναρίων δὲν ἔχουν καμμίαν σχέσιν πρὸς τὴν χριστιανικὴν πίστιν καὶ καλοῦν τὸν λαὸν νὰ μὴ μετάσχῃ εἰς τὰς εἰδωλολατρικὰς αὐτὰς τελετάς.

Αἱ ἐκκλησιαστικαὶ ἀρχαὶ διαφωτίζουν τοὺς πιστοὺς ὅτι αἱ ἐκδηλώσεις τῶν Ἀναστεναρίων δὲν ἔχουν καμμίαν σχέσιν πρὸς τὴν χριστιανικὴν πίστιν καὶ καλοῦν τὸν λαὸν νὰ μὴ μετάσχῃ εἰς τὰς εἰδωλολατρικὰς αὐτὰς τελετάς.

Αἱ ἐκκλησιαστικαὶ ἀρχαὶ διαφωτίζουν τοὺς πιστοὺς ὅτι αἱ ἐκδηλώσεις τῶν Ἀναστεναρίων δὲν ἔχουν καμμίαν σχέσιν πρὸς τὴν χριστιανικὴν πίστιν καὶ καλοῦν τὸν λαὸν νὰ μὴ μετάσχῃ εἰς τὰς εἰδωλολατρικὰς αὐτὰς τελετάς.

Αἱ ἐκκλησιαστικαὶ ἀρχαὶ διαφωτίζουν τοὺς πιστοὺς ὅτι αἱ ἐκδηλώσεις τῶν Ἀναστεναρίων δὲν ἔχουν καμμίαν σχέσιν πρὸς τὴν χριστιανικὴν πίστιν καὶ καλοῦν τὸν λαὸν νὰ μὴ μετάσχῃ εἰς τὰς εἰδωλολατρικὰς αὐτὰς τελετάς.

Αἱ ἐκκλησιαστικαὶ ἀρχαὶ διαφωτίζουν τοὺς πιστοὺς ὅτι αἱ ἐκδηλώσεις τῶν Ἀναστεναρίων δὲν ἔχουν καμμίαν σχέσιν πρὸς τὴν χριστιανικὴν πίστιν καὶ καλοῦν τὸν λαὸν νὰ μὴ μετάσχῃ εἰς τὰς εἰδωλολατρικὰς αὐτὰς τελετάς.

Αἱ ἐκκλησιαστικαὶ ἀρχαὶ διαφωτίζουν τοὺς πιστοὺς ὅτι αἱ ἐκδηλώσεις τῶν Ἀναστεναρίων δὲν ἔχουν καμμίαν σχέσιν πρὸς τὴν χριστιανικὴν πίστιν καὶ καλοῦν τὸν λαὸν νὰ μὴ μετάσχῃ εἰς τὰς εἰδωλολατρικὰς αὐτὰς τελετάς.

Αἱ ἐκκλησιαστικαὶ ἀρχαὶ διαφωτίζουν τοὺς πιστοὺς ὅτι αἱ ἐκδηλώσεις τῶν Ἀναστεναρίων δὲν ἔχουν καμμίαν σχέσιν πρὸς τὴν χριστιανικὴν πίστιν καὶ καλοῦν τὸν λαὸν νὰ μὴ μετάσχῃ εἰς τὰς εἰδωλολατρικὰς αὐτὰς τελετάς.

Αἱ ἐκκλησιαστικαὶ ἀρχαὶ διαφωτίζουν τοὺς πιστοὺς ὅτι αἱ ἐκδηλώσεις τῶν Ἀναστεναρίων δὲν ἔχουν καμμίαν σχέσιν πρὸς τὴν χριστιανικὴν πίστιν καὶ καλοῦν τὸν λαὸν νὰ μὴ μετάσχῃ εἰς τὰς εἰδωλολατρικὰς αὐτὰς τελετάς.

Αἱ ἐκκλησιαστικαὶ ἀρχαὶ διαφωτίζουν τοὺς πιστοὺς ὅτι αἱ ἐκδηλώσεις τῶν Ἀναστεναρίων δὲν ἔχουν καμμίαν σχέσιν πρὸς τὴν χριστιανικὴν πίστιν καὶ καλοῦν τὸν λαὸν νὰ μὴ μετάσχῃ εἰς τὰς εἰδωλολατρικὰς αὐτὰς τελετάς.

Αἱ ἐκκλησιαστικαὶ ἀρχαὶ διαφωτίζουν τοὺς πιστοὺς ὅτι αἱ ἐκδηλώσεις τῶν Ἀναστεναρίων δὲν ἔχουν καμμίαν σχέσιν πρὸς τὴν χριστιανικὴν πίστιν καὶ καλοῦν τὸν λαὸν νὰ μὴ μετάσχῃ εἰς τὰς εἰδωλολατρικὰς αὐτὰς τελετάς.

Αἱ ἐκκλησιαστικαὶ ἀρχαὶ διαφωτίζουν τοὺς πιστοὺς ὅτι αἱ ἐκδηλώσεις τῶν Ἀναστεναρίων δὲν ἔχουν καμμίαν σχέσιν πρὸς τὴν χριστιανικὴν πίστιν καὶ καλοῦν τὸν λαὸν νὰ μὴ μετάσχῃ εἰς τὰς εἰδωλολατρικὰς αὐτὰς τελετάς.

Αἱ ἐκκλησιαστικαὶ ἀρχαὶ διαφωτίζουν τοὺς πιστοὺς ὅτι αἱ ἐκδηλώσεις τῶν Ἀναστεναρίων δὲν ἔχουν καμμίαν σχέσιν πρὸς τὴν χριστιανικὴν πίστιν καὶ καλοῦν τὸν λαὸν νὰ μὴ μετάσχῃ εἰς τὰς εἰδωλολατρικὰς αὐτὰς τελετάς.

Αἱ ἐκκλησιαστικαὶ ἀρχαὶ διαφωτίζουν τοὺς πιστοὺς ὅτι αἱ ἐκδηλώσεις τῶν Ἀναστεναρίων δὲν ἔχουν καμμίαν σχέσιν πρὸς τὴν χριστιανικὴν πίστιν καὶ καλοῦν τὸν λαὸν νὰ μὴ μετάσχῃ εἰς τὰς εἰδωλολατρικὰς αὐτὰς τελετάς.

Αἱ ἐκκλησιαστικαὶ ἀρχαὶ διαφωτίζουν τοὺς πιστοὺς ὅτι αἱ ἐκδηλώσεις τῶν Ἀναστεναρίων δὲν ἔχουν καμμίαν σχέσιν πρὸς τὴν χριστιανικὴν πίστιν καὶ καλοῦν τὸν λαὸν νὰ μὴ μετάσχῃ εἰς τὰς εἰδωλολατρικὰς αὐτὰς τελετάς.

Αἱ ἐκκλησιαστικαὶ ἀρχαὶ διαφωτίζουν τοὺς πιστοὺς ὅτι αἱ ἐκδηλώσεις τῶν Ἀναστεναρίων δὲν ἔχουν καμμίαν σχέσιν πρὸς τὴν χριστιανικὴν πίστιν καὶ καλοῦν τὸν λαὸν νὰ μὴ μετάσχῃ εἰς τὰς εἰδωλολατρικὰς αὐτὰς τελετάς.

ΚΑΤΑΔΙΚΑΙ ΜΟΝΑΡΧΙΚΩΝ ΕΙΣ ΤΗΝ ΙΣΠΑΝΙΑΝ ΔΙΟΤΙ ΔΙΕΜΑΡΤΥΡΟΝΤΟ ΚΑΤΑ ΤΟΥ ΦΡΑΝΚΟ

Αἱ ἐκκλησιαστικαὶ ἀρχαὶ διαφωτίζουν τοὺς πιστοὺς ὅτι αἱ ἐκδηλώσεις τῶν Ἀναστεναρίων δὲν ἔχουν καμμίαν σχέσιν πρὸς τὴν χριστιανικὴν πίστιν καὶ καλοῦν τὸν λαὸν νὰ μὴ μετάσχῃ εἰς τὰς εἰδωλολατρικὰς αὐτὰς τελετάς.

Αἱ ἐκκλησιαστικαὶ ἀρχαὶ διαφωτίζουν τοὺς πιστοὺς ὅτι αἱ ἐκδηλώσεις τῶν Ἀναστεναρίων δὲν ἔχουν καμμίαν σχέσιν πρὸς τὴν χριστιανικὴν πίστιν καὶ καλοῦν τὸν λαὸν νὰ μὴ μετάσχῃ εἰς τὰς εἰδωλολατρικὰς αὐτὰς τελετάς.

ΣΥΓΚΛΟΝΙΣΤΙΚΗ ΥΠΟΘΕΣΙΣ ΚΑΤΑΣΚΟΠΕΙΑΣ
Ο ΦΑΚΕΛΛΟΣ ΠΕΝΚΟΦΣΚΥ
Ἀνακριβεῖς καὶ ἀντιφατικοὶ χαρακτηρισμοί.- «Ὁδηγίαι διὰ τὴν στρατολογίαν πρακτόρων. «Μὴ λυπᾶστε τὸ χρῆμα»

Αἱ ἐκκλησιαστικαὶ ἀρχαὶ διαφωτίζουν τοὺς πιστοὺς ὅτι αἱ ἐκδηλώσεις τῶν Ἀναστεναρίων δὲν ἔχουν καμμίαν σχέσιν πρὸς τὴν χριστιανικὴν πίστιν καὶ καλοῦν τὸν λαὸν νὰ μὴ μετάσχῃ εἰς τὰς εἰδωλολατρικὰς αὐτὰς τελετάς.

Αἱ ἐκκλησιαστικαὶ ἀρχαὶ διαφωτίζουν τοὺς πιστοὺς ὅτι αἱ ἐκδηλώσεις τῶν Ἀναστεναρίων δὲν ἔχουν καμμίαν σχέσιν πρὸς τὴν χριστιανικὴν πίστιν καὶ καλοῦν τὸν λαὸν νὰ μὴ μετάσχῃ εἰς τὰς εἰδωλολατρικὰς αὐτὰς τελετάς.

Αἱ ἐκκλησιαστικαὶ ἀρχαὶ διαφωτίζουν τοὺς πιστοὺς ὅτι αἱ ἐκδηλώσεις τῶν Ἀναστεναρίων δὲν ἔχουν καμμίαν σχέσιν πρὸς τὴν χριστιανικὴν πίστιν καὶ καλοῦν τὸν λαὸν νὰ μὴ μετάσχῃ εἰς τὰς εἰδωλολατρικὰς αὐτὰς τελετάς.

Οἱ ἀτομικὲς ἐλευθερίες

Αἱ ἐκκλησιαστικαὶ ἀρχαὶ διαφωτίζουν τοὺς πιστοὺς ὅτι αἱ ἐκδηλώσεις τῶν Ἀναστεναρίων δὲν ἔχουν καμμίαν σχέσιν πρὸς τὴν χριστιανικὴν πίστιν καὶ καλοῦν τὸν λαὸν νὰ μὴ μετάσχῃ εἰς τὰς εἰδωλολατρικὰς αὐτὰς τελετάς.

Αἱ ἐκκλησιαστικαὶ ἀρχαὶ διαφωτίζουν τοὺς πιστοὺς ὅτι αἱ ἐκδηλώσεις τῶν Ἀναστεναρίων δὲν ἔχουν καμμίαν σχέσιν πρὸς τὴν χριστιανικὴν πίστιν καὶ καλοῦν τὸν λαὸν νὰ μὴ μετάσχῃ εἰς τὰς εἰδωλολατρικὰς αὐτὰς τελετάς.

Ἄδικες κρίσεις

Αἱ ἐκκλησιαστικαὶ ἀρχαὶ διαφωτίζουν τοὺς πιστοὺς ὅτι αἱ ἐκδηλώσεις τῶν Ἀναστεναρίων δὲν ἔχουν καμμίαν σχέσιν πρὸς τὴν χριστιανικὴν πίστιν καὶ καλοῦν τὸν λαὸν νὰ μὴ μετάσχῃ εἰς τὰς εἰδωλολατρικὰς αὐτὰς τελετάς.

Αἱ ἐκκλησιαστικαὶ ἀρχαὶ διαφωτίζουν τοὺς πιστοὺς ὅτι αἱ ἐκδηλώσεις τῶν Ἀναστεναρίων δὲν ἔχουν καμμίαν σχέσιν πρὸς τὴν χριστιανικὴν πίστιν καὶ καλοῦν τὸν λαὸν νὰ μὴ μετάσχῃ εἰς τὰς εἰδωλολατρικὰς αὐτὰς τελετάς.

Αἱ ἐκκλησιαστικαὶ ἀρχαὶ διαφωτίζουν τοὺς πιστοὺς ὅτι αἱ ἐκδηλώσεις τῶν Ἀναστεναρίων δὲν ἔχουν καμμίαν σχέσιν πρὸς τὴν χριστιανικὴν πίστιν καὶ καλοῦν τὸν λαὸν νὰ μὴ μετάσχῃ εἰς τὰς εἰδωλολατρικὰς αὐτὰς τελετάς.

Αἱ ἐκκλησιαστικαὶ ἀρχαὶ διαφωτίζουν τοὺς πιστοὺς ὅτι αἱ ἐκδηλώσεις τῶν Ἀναστεναρίων δὲν ἔχουν καμμίαν σχέσιν πρὸς τὴν χριστιανικὴν πίστιν καὶ καλοῦν τὸν λαὸν νὰ μὴ μετάσχῃ εἰς τὰς εἰδωλολατρικὰς αὐτὰς τελετάς.

Αἱ ἐκκλησιαστικαὶ ἀρχαὶ διαφωτίζουν τοὺς πιστοὺς ὅτι αἱ ἐκδηλώσεις τῶν Ἀναστεναρίων δὲν ἔχουν καμμίαν σχέσιν πρὸς τὴν χριστιανικὴν πίστιν καὶ καλοῦν τὸν λαὸν νὰ μὴ μετάσχῃ εἰς τὰς εἰδωλολατρικὰς αὐτὰς τελετάς.

Αἱ ἐκκλησιαστικαὶ ἀρχαὶ διαφωτίζουν τοὺς πιστοὺς ὅτι αἱ ἐκδηλώσεις τῶν Ἀναστεναρίων δὲν ἔχουν καμμίαν σχέσιν πρὸς τὴν χριστιανικὴν πίστιν καὶ καλοῦν τὸν λαὸν νὰ μὴ μετάσχῃ εἰς τὰς εἰδωλολατρικὰς αὐτὰς τελετάς.

Αἱ ἐκκλησιαστικαὶ ἀρχαὶ διαφωτίζουν τοὺς πιστοὺς ὅτι αἱ ἐκδηλώσεις τῶν Ἀναστεναρίων δὲν ἔχουν καμμίαν σχέσιν πρὸς τὴν χριστιανικὴν πίστιν καὶ καλοῦν τὸν λαὸν νὰ μὴ μετάσχῃ εἰς τὰς εἰδωλολατρικὰς αὐτὰς τελετάς.

Αἱ ἐκκλησιαστικαὶ ἀρχαὶ διαφωτίζουν τοὺς πιστοὺς ὅτι αἱ ἐκδηλώσεις τῶν Ἀναστεναρίων δὲν ἔχουν καμμίαν σχέσιν πρὸς τὴν χριστιανικὴν πίστιν καὶ καλοῦν τὸν λαὸν νὰ μὴ μετάσχῃ εἰς τὰς εἰδωλολατρικὰς αὐτὰς τελετάς.

Αἱ ἐκκλησιαστικαὶ ἀρχαὶ διαφωτίζουν τοὺς πιστοὺς ὅτι αἱ ἐκδηλώσεις τῶν Ἀναστεναρίων δὲν ἔχουν καμμίαν σχέσιν πρὸς τὴν χριστιανικὴν πίστιν καὶ καλοῦν τὸν λαὸν νὰ μὴ μετάσχῃ εἰς τὰς εἰδωλολατρικὰς αὐτὰς τελετάς.

Αἱ ἐκκλησιαστικαὶ ἀρχαὶ διαφωτίζουν τοὺς πιστοὺς ὅτι αἱ ἐκδηλώσεις τῶν Ἀναστεναρίων δὲν ἔχουν καμμίαν σχέσιν πρὸς τὴν χριστιανικὴν πίστιν καὶ καλοῦν τὸν λαὸν νὰ μὴ μετάσχῃ εἰς τὰς εἰδωλολατρικὰς αὐτὰς τελετάς.

Αἱ ἐκκλησιαστικαὶ ἀρχαὶ διαφωτίζουν τοὺς πιστοὺς ὅτι αἱ ἐκδηλώσεις τῶν Ἀναστεναρίων δὲν ἔχουν καμμίαν σχέσιν πρὸς τὴν χριστιανικὴν πίστιν καὶ καλοῦν τὸν λαὸν νὰ μὴ μετάσχῃ εἰς τὰς εἰδωλολατρικὰς αὐτὰς τελετάς.

ΑΥΡΙΟΝ: Η συνέχεια
